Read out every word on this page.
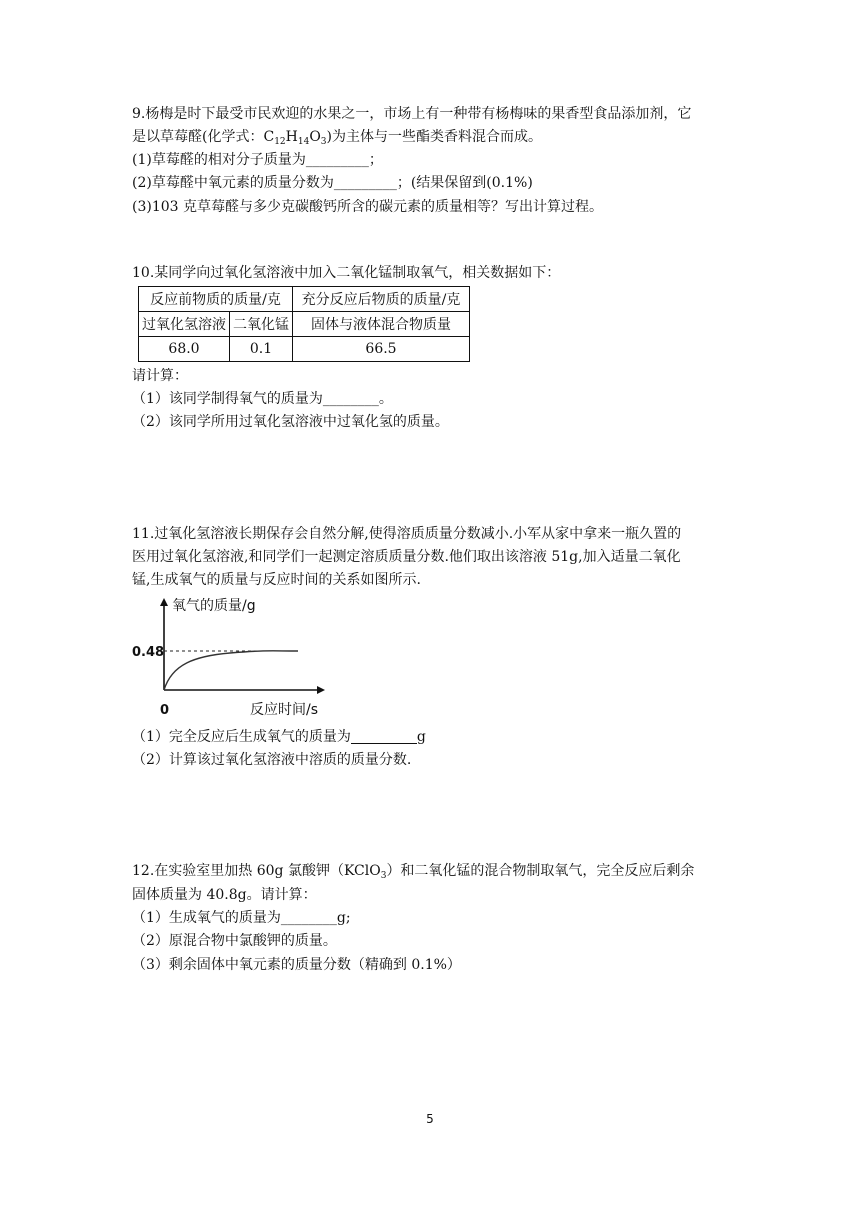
9.杨梅是时下最受市民欢迎的水果之一，市场上有一种带有杨梅味的果香型食品添加剂，它
是以草莓醛(化学式：$C_{12}H_{14}O_3$)为主体与一些酯类香料混合而成。
(1)草莓醛的相对分子质量为_________；
(2)草莓醛中氧元素的质量分数为_________；(结果保留到(0.1%)
(3)103 克草莓醛与多少克碳酸钙所含的碳元素的质量相等？写出计算过程。
10.某同学向过氧化氢溶液中加入二氧化锰制取氧气，相关数据如下：
反应前物质的质量/克		充分反应后物质的质量/克
过氧化氢溶液	二氧化锰	固体与液体混合物质量
68.0	0.1	66.5
请计算：
（1）该同学制得氧气的质量为________。
（2）该同学所用过氧化氢溶液中过氧化氢的质量。
11.过氧化氢溶液长期保存会自然分解,使得溶质质量分数减小.小军从家中拿来一瓶久置的
医用过氧化氢溶液,和同学们一起测定溶质质量分数.他们取出该溶液 51g,加入适量二氧化
锰,生成氧气的质量与反应时间的关系如图所示.
氧气的质量/g
0.48
0	反应时间/s
（1）完全反应后生成氧气的质量为	g
（2）计算该过氧化氢溶液中溶质的质量分数.
12.在实验室里加热 60g 氯酸钾（KClO$_3$）和二氧化锰的混合物制取氧气，完全反应后剩余
固体质量为 40.8g。请计算：
（1）生成氧气的质量为________g;
（2）原混合物中氯酸钾的质量。
（3）剩余固体中氧元素的质量分数（精确到 0.1%）
5
